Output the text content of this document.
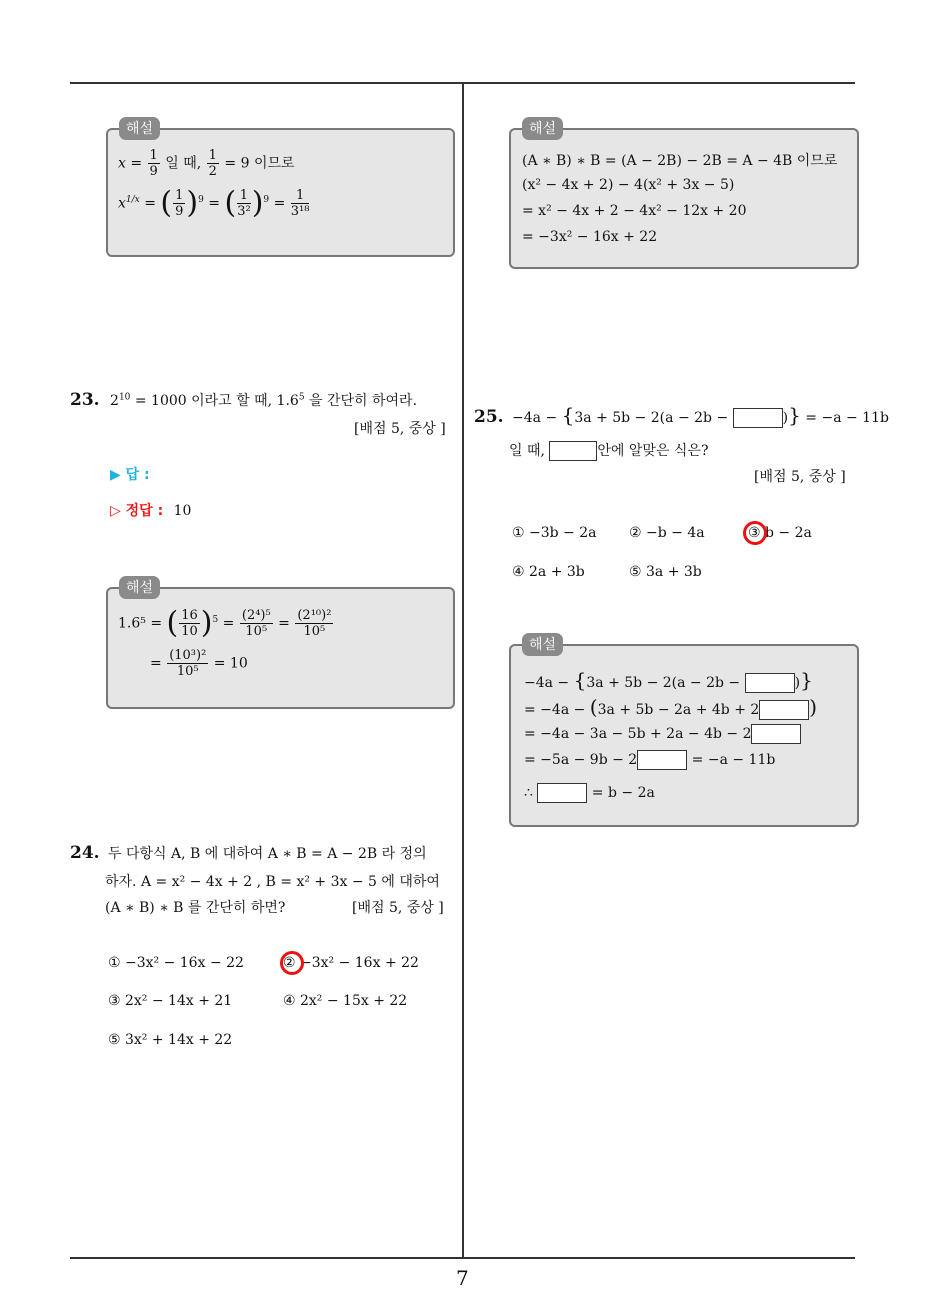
7
해설
$x = \frac{1}{9}$ 일 때, $\frac{1}{2} = 9$ 이므로
$x^{1/x}$ = ( $\frac{1}{9} )^9$ = ( $\frac{1}{\text{3²}} )^9 = \frac{1}{\text{3¹⁸}}$
23. $2^{10} = 1000$ 이라고 할 때, $1.6^5$ 을 간단히 하여라.
[배점 5, 중상 ]
▶ 답 :
▷ 정답 : 10
해설
1.6⁵ = ( $\frac{16}{10} )^5 = \frac{\text{(2⁴)⁵}}{\text{10⁵}} = \frac{\text{(2¹⁰)²}}{\text{10⁵}}$
= $\frac{\text{(10³)²}}{\text{10⁵}} = 10$
24. 두 다항식 A, B 에 대하여 A ∗ B = A − 2B 라 정의
하자. A = x² − 4x + 2 , B = x² + 3x − 5 에 대하여
(A ∗ B) ∗ B 를 간단히 하면?	[배점 5, 중상 ]
① −3x² − 16x − 22	② −3x² − 16x + 22
③ 2x² − 14x + 21	④ 2x² − 15x + 22
⑤ 3x² + 14x + 22
해설
(A ∗ B) ∗ B = (A − 2B) − 2B = A − 4B 이므로
(x² − 4x + 2) − 4(x² + 3x − 5)
= x² − 4x + 2 − 4x² − 12x + 20
= −3x² − 16x + 22
25. −4a − {3a + 5b − 2(a − 2b −	)} = −a − 11b
일 때,	안에 알맞은 식은?
[배점 5, 중상 ]
① −3b − 2a ② −b − 4a	③ b − 2a
④ 2a + 3b	⑤ 3a + 3b
해설
−4a − {3a + 5b − 2(a − 2b −	)}
= −4a − (3a + 5b − 2a + 4b + 2	)
= −4a − 3a − 5b + 2a − 4b − 2
= −5a − 9b − 2	= −a − 11b
∴	= b − 2a
